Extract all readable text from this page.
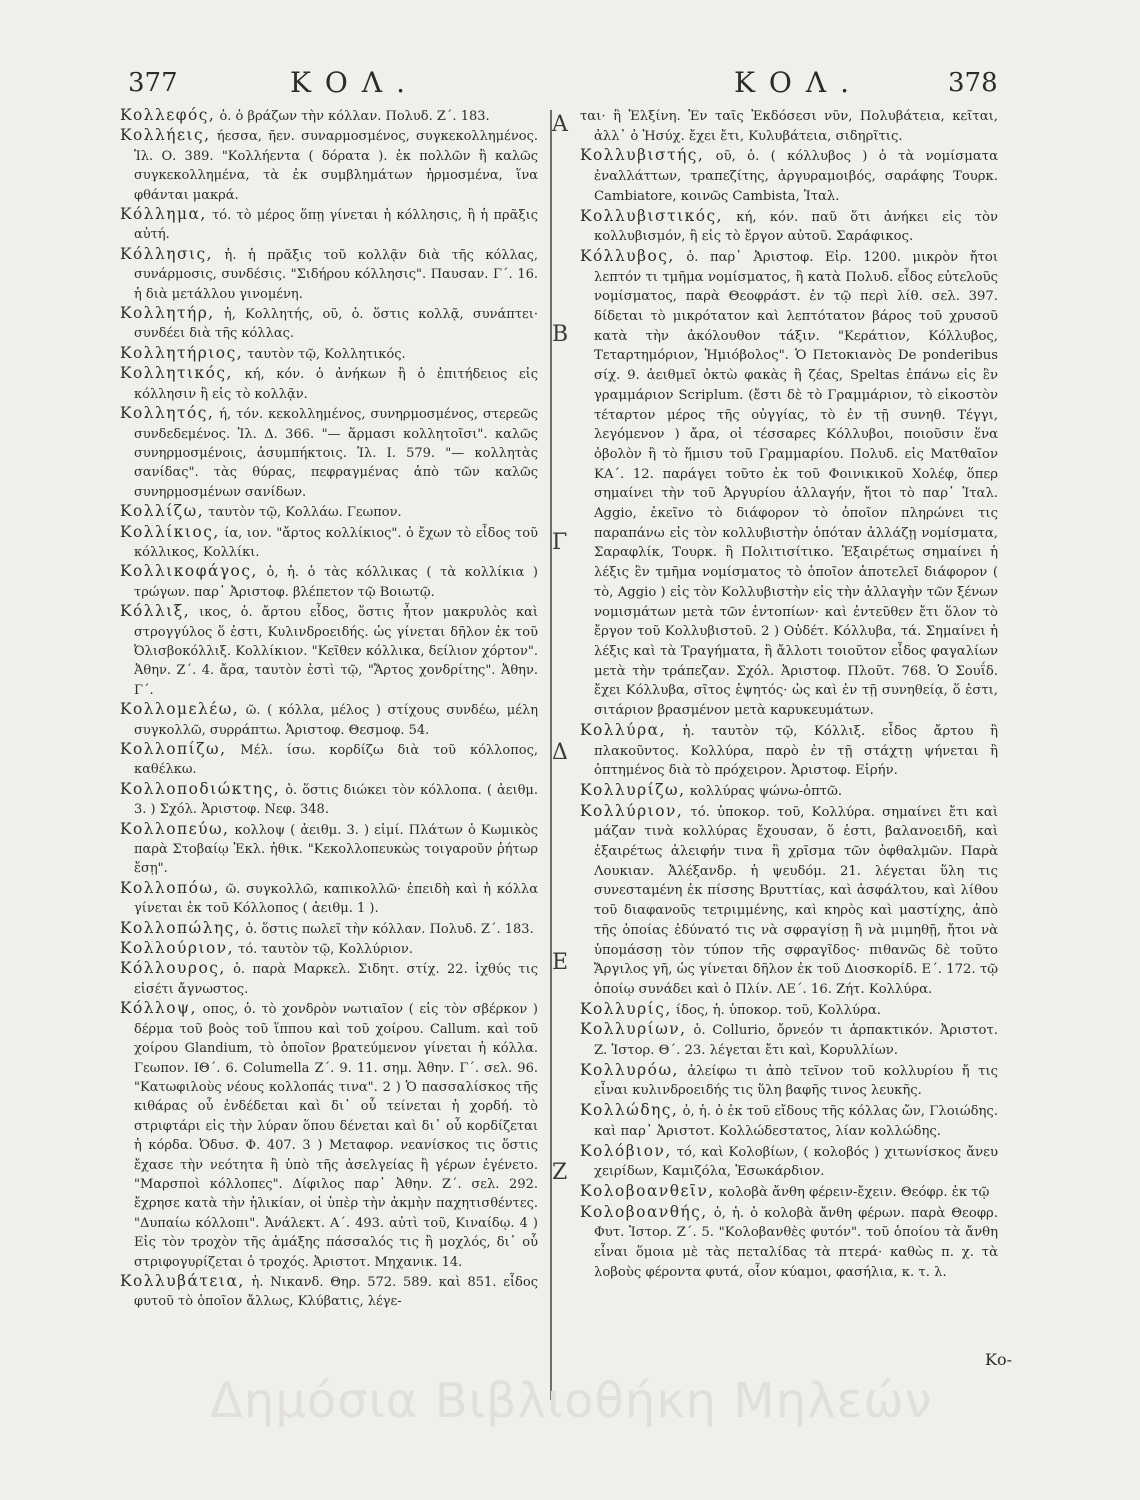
377	ΚΟΛ.	ΚΟΛ.	378
Α
Β
Γ
Δ
Ε
Ζ

Κολλεφός, ὁ. ὁ βράζων τὴν κόλλαν. Πολυδ. Ζ΄. 183.

Κολλήεις, ήεσσα, ῆεν. συναρμοσμένος, συγκεκολλημένος. Ἰλ. Ο. 389. "Κολλήεντα ( δόρατα ). ἐκ πολλῶν ἢ καλῶς συγκεκολλημένα, τὰ ἐκ συμβλημάτων ἡρμοσμένα, ἵνα φθάνται μακρά.

Κόλλημα, τό. τὸ μέρος ὅπῃ γίνεται ἡ κόλλησις, ἢ ἡ πρᾶξις αὐτή.

Κόλλησις, ἡ. ἡ πρᾶξις τοῦ κολλᾷν διὰ τῆς κόλλας, συνάρμοσις, συνδέσις. "Σιδήρου κόλλησις". Παυσαν. Γ΄. 16. ἡ διὰ μετάλλου γινομένη.

Κολλητήρ, ἡ, Κολλητής, οῦ, ὁ. ὅστις κολλᾷ, συνάπτει· συνδέει διὰ τῆς κόλλας.

Κολλητήριος, ταυτὸν τῷ, Κολλητικός.

Κολλητικός, κή, κόν. ὁ ἀνήκων ἢ ὁ ἐπιτήδειος εἰς κόλλησιν ἢ εἰς τὸ κολλᾷν.

Κολλητός, ή, τόν. κεκολλημένος, συνηρμοσμένος, στερεῶς συνδεδεμένος. Ἰλ. Δ. 366. "— ἅρμασι κολλητοῖσι". καλῶς συνηρμοσμένοις, ἀσυμπήκτοις. Ἰλ. Ι. 579. "— κολλητὰς σανίδας". τὰς θύρας, πεφραγμένας ἀπὸ τῶν καλῶς συνηρμοσμένων σανίδων.

Κολλίζω, ταυτὸν τῷ, Κολλάω. Γεωπον.

Κολλίκιος, ία, ιον. "ἄρτος κολλίκιος". ὁ ἔχων τὸ εἶδος τοῦ κόλλικος, Κολλίκι.

Κολλικοφάγος, ὁ, ἡ. ὁ τὰς κόλλικας ( τὰ κολλίκια ) τρώγων. παρ᾽ Ἀριστοφ. βλέπετον τῷ Βοιωτῷ.

Κόλλιξ, ικος, ὁ. ἄρτου εἶδος, ὅστις ἦτον μακρυλὸς καὶ στρογγύλος ὅ ἐστι, Κυλινδροειδής. ὡς γίνεται δῆλον ἐκ τοῦ Ὀλισβοκόλλιξ. Κολλίκιον. "Κεῖθεν κόλλικα, δείλιον χόρτον". Ἀθην. Ζ΄. 4. ἄρα, ταυτὸν ἐστὶ τῷ, "Ἄρτος χονδρίτης". Ἀθην. Γ΄.

Κολλομελέω, ῶ. ( κόλλα, μέλος ) στίχους συνδέω, μέλη συγκολλῶ, συρράπτω. Ἀριστοφ. Θεσμοφ. 54.

Κολλοπίζω, Μέλ. ίσω. κορδίζω διὰ τοῦ κόλλοπος, καθέλκω.

Κολλοποδιώκτης, ὁ. ὅστις διώκει τὸν κόλλοπα. ( ἀειθμ. 3. ) Σχόλ. Ἀριστοφ. Νεφ. 348.

Κολλοπεύω, κολλοψ ( ἀειθμ. 3. ) εἰμί. Πλάτων ὁ Κωμικὸς παρὰ Στοβαίῳ Ἐκλ. ἠθικ. "Κεκολλοπευκὼς τοιγαροῦν ῥήτωρ ἔσῃ".

Κολλοπόω, ῶ. συγκολλῶ, καπικολλῶ· ἐπειδὴ καὶ ἡ κόλλα γίνεται ἐκ τοῦ Κόλλοπος ( ἀειθμ. 1 ).

Κολλοπώλης, ὁ. ὅστις πωλεῖ τὴν κόλλαν. Πολυδ. Ζ΄. 183.

Κολλούριον, τό. ταυτὸν τῷ, Κολλύριον.

Κόλλουρος, ὁ. παρὰ Μαρκελ. Σιδητ. στίχ. 22. ἰχθύς τις εἰσέτι ἄγνωστος.

Κόλλοψ, οπος, ὁ. τὸ χονδρὸν νωτιαῖον ( εἰς τὸν σβέρκον ) δέρμα τοῦ βοὸς τοῦ ἵππου καὶ τοῦ χοίρου. Callum. καὶ τοῦ χοίρου Glandium, τὸ ὁποῖον βρατεύμενον γίνεται ἡ κόλλα. Γεωπον. ΙΘ΄. 6. Columella Ζ΄. 9. 11. σημ. Ἀθην. Γ΄. σελ. 96. "Κατωφιλοὺς νέους κολλοπάς τινα". 2 ) Ὁ πασσαλίσκος τῆς κιθάρας οὗ ἐνδέδεται καὶ δι᾽ οὗ τείνεται ἡ χορδή. τὸ στριφτάρι εἰς τὴν λύραν ὅπου δένεται καὶ δι᾽ οὗ κορδίζεται ἡ κόρδα. Ὀδυσ. Φ. 407. 3 ) Μεταφορ. νεανίσκος τις ὅστις ἔχασε τὴν νεότητα ἢ ὑπὸ τῆς ἀσελγείας ἢ γέρων ἐγένετο. "Μαρσποὶ κόλλοπες". Δίφιλος παρ᾽ Ἀθην. Ζ΄. σελ. 292. ἔχρησε κατὰ τὴν ἡλικίαν, οἱ ὑπὲρ τὴν ἀκμὴν παχητισθέντες. "Δυπαίω κόλλοπι". Ἀνάλεκτ. Α΄. 493. αὐτὶ τοῦ, Κιναίδῳ. 4 ) Εἰς τὸν τροχὸν τῆς ἁμάξης πάσσαλός τις ἢ μοχλός, δι᾽ οὗ στριφογυρίζεται ὁ τροχός. Ἀριστοτ. Μηχανικ. 14.

Κολλυβάτεια, ἡ. Νικανδ. Θηρ. 572. 589. καὶ 851. εἶδος φυτοῦ τὸ ὁποῖον ἄλλως, Κλύβατις, λέγε-

ται· ἢ Ἐλξίνη. Ἐν ταῖς Ἐκδόσεσι νῦν, Πολυβάτεια, κεῖται, ἀλλ᾽ ὁ Ἡσύχ. ἔχει ἔτι, Κυλυβάτεια, σιδηρῖτις.

Κολλυβιστής, οῦ, ὁ. ( κόλλυβος ) ὁ τὰ νομίσματα ἐναλλάττων, τραπεζίτης, ἀργυραμοιβός, σαράφης Τουρκ. Cambiatore, κοινῶς Cambista, Ἰταλ.

Κολλυβιστικός, κή, κόν. παῦ ὅτι ἀνήκει εἰς τὸν κολλυβισμόν, ἢ εἰς τὸ ἔργον αὐτοῦ. Σαράφικος.

Κόλλυβος, ὁ. παρ᾽ Ἀριστοφ. Εἰρ. 1200. μικρὸν ἤτοι λεπτόν τι τμῆμα νομίσματος, ἢ κατὰ Πολυδ. εἶδος εὐτελοῦς νομίσματος, παρὰ Θεοφράστ. ἐν τῷ περὶ λίθ. σελ. 397. δίδεται τὸ μικρότατον καὶ λεπτότατον βάρος τοῦ χρυσοῦ κατὰ τὴν ἀκόλουθον τάξιν. "Κεράτιον, Κόλλυβος, Τεταρτημόριον, Ἡμιόβολος". Ὁ Πετοκιανὸς De ponderibus σίχ. 9. ἀειθμεῖ ὀκτὼ φακὰς ἢ ζέας, Speltas ἐπάνω εἰς ἓν γραμμάριον Scriplum. (ἔστι δὲ τὸ Γραμμάριον, τὸ εἰκοστὸν τέταρτον μέρος τῆς οὐγγίας, τὸ ἐν τῇ συνηθ. Τέγγι, λεγόμενον ) ἄρα, οἱ τέσσαρες Κόλλυβοι, ποιοῦσιν ἕνα ὀβολὸν ἢ τὸ ἥμισυ τοῦ Γραμμαρίου. Πολυδ. εἰς Ματθαῖον ΚΑ΄. 12. παράγει τοῦτο ἐκ τοῦ Φοινικικοῦ Χολέφ, ὅπερ σημαίνει τὴν τοῦ Ἀργυρίου ἀλλαγήν, ἤτοι τὸ παρ᾽ Ἰταλ. Aggio, ἐκεῖνο τὸ διάφορον τὸ ὁποῖον πληρώνει τις παραπάνω εἰς τὸν κολλυβιστὴν ὁπόταν ἀλλάζῃ νομίσματα, Σαραφλίκ, Τουρκ. ἢ Πολιτισίτικο. Ἐξαιρέτως σημαίνει ἡ λέξις ἓν τμῆμα νομίσματος τὸ ὁποῖον ἀποτελεῖ διάφορον ( τὸ, Aggio ) εἰς τὸν Κολλυβιστὴν εἰς τὴν ἀλλαγὴν τῶν ξένων νομισμάτων μετὰ τῶν ἐντοπίων· καὶ ἐντεῦθεν ἔτι ὅλον τὸ ἔργον τοῦ Κολλυβιστοῦ. 2 ) Οὐδέτ. Κόλλυβα, τά. Σημαίνει ἡ λέξις καὶ τὰ Τραγήματα, ἢ ἄλλοτι τοιοῦτον εἶδος φαγαλίων μετὰ τὴν τράπεζαν. Σχόλ. Ἀριστοφ. Πλοῦτ. 768. Ὁ Σουΐδ. ἔχει Κόλλυβα, σῖτος ἑψητός· ὡς καὶ ἐν τῇ συνηθείᾳ, ὅ ἐστι, σιτάριον βρασμένον μετὰ καρυκευμάτων.

Κολλύρα, ἡ. ταυτὸν τῷ, Κόλλιξ. εἶδος ἄρτου ἢ πλακοῦντος. Κολλύρα, παρὸ ἐν τῇ στάχτῃ ψήνεται ἢ ὀπτημένος διὰ τὸ πρόχειρον. Ἀριστοφ. Εἰρήν.

Κολλυρίζω, κολλύρας ψώνω-ὀπτῶ.

Κολλύριον, τό. ὑποκορ. τοῦ, Κολλύρα. σημαίνει ἔτι καὶ μάζαν τινὰ κολλύρας ἔχουσαν, ὅ ἐστι, βαλανοειδῆ, καὶ ἐξαιρέτως ἀλειφήν τινα ἢ χρῖσμα τῶν ὀφθαλμῶν. Παρὰ Λουκιαν. Ἀλέξανδρ. ἡ ψευδόμ. 21. λέγεται ὕλη τις συνεσταμένη ἐκ πίσσης Βρυττίας, καὶ ἀσφάλτου, καὶ λίθου τοῦ διαφανοῦς τετριμμένης, καὶ κηρὸς καὶ μαστίχης, ἀπὸ τῆς ὁποίας ἐδύνατό τις νὰ σφραγίσῃ ἢ νὰ μιμηθῇ, ἤτοι νὰ ὑπομάσσῃ τὸν τύπον τῆς σφραγῖδος· πιθανῶς δὲ τοῦτο Ἄργιλος γῆ, ὡς γίνεται δῆλον ἐκ τοῦ Διοσκορίδ. Ε΄. 172. τῷ ὁποίῳ συνάδει καὶ ὁ Πλίν. ΛΕ΄. 16. Ζήτ. Κολλύρα.

Κολλυρίς, ίδος, ἡ. ὑποκορ. τοῦ, Κολλύρα.

Κολλυρίων, ὁ. Collurio, ὄρνεόν τι ἁρπακτικόν. Ἀριστοτ. Ζ. Ἱστορ. Θ΄. 23. λέγεται ἔτι καὶ, Κορυλλίων.

Κολλυρόω, ἀλείφω τι ἀπὸ τεῖνον τοῦ κολλυρίου ἤ τις εἶναι κυλινδροειδής τις ὕλη βαφῆς τινος λευκῆς.

Κολλώδης, ὁ, ἡ. ὁ ἐκ τοῦ εἴδους τῆς κόλλας ὤν, Γλοιώδης. καὶ παρ᾽ Ἀριστοτ. Κολλώδεστατος, λίαν κολλώδης.

Κολόβιον, τό, καὶ Κολοβίων, ( κολοβός ) χιτωνίσκος ἄνευ χειρίδων, Καμιζόλα, Ἐσωκάρδιον.

Κολοβοανθεῖν, κολοβὰ ἄνθη φέρειν-ἔχειν. Θεόφρ. ἐκ τῷ

Κολοβοανθής, ὁ, ἡ. ὁ κολοβὰ ἄνθη φέρων. παρὰ Θεοφρ. Φυτ. Ἱστορ. Ζ΄. 5. "Κολοβανθὲς φυτόν". τοῦ ὁποίου τὰ ἄνθη εἶναι ὅμοια μὲ τὰς πεταλίδας τὰ πτερά· καθὼς π. χ. τὰ λοβοὺς φέροντα φυτά, οἷον κύαμοι, φασήλια, κ. τ. λ.

Κο-
Δημόσια Βιβλιοθήκη Μηλεών
